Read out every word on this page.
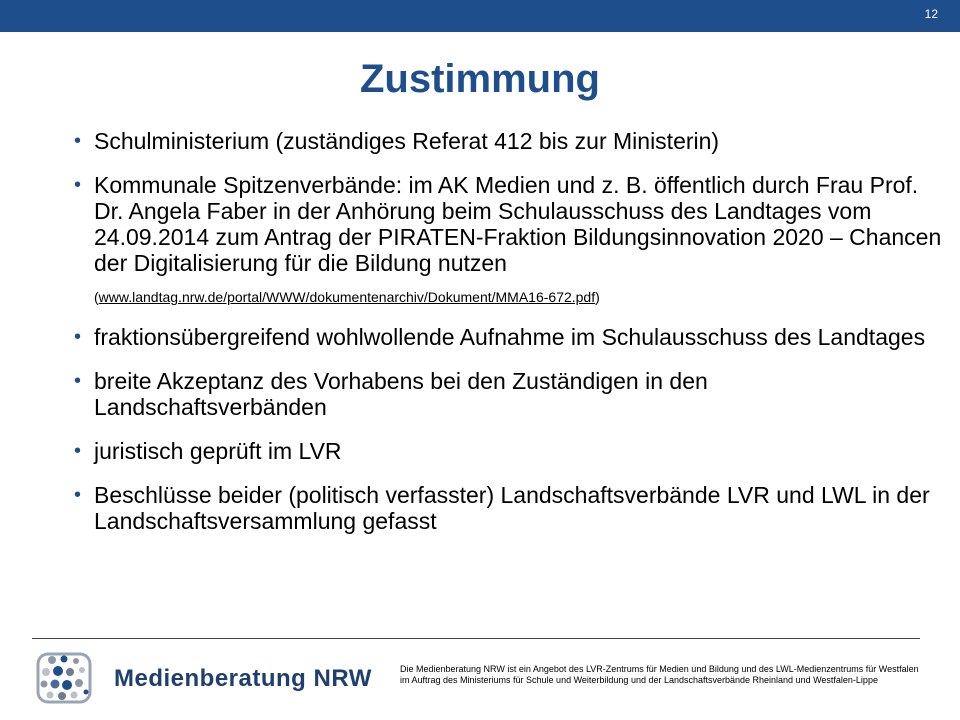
12
Zustimmung
• Schulministerium (zuständiges Referat 412 bis zur Ministerin)
• Kommunale Spitzenverbände: im AK Medien und z. B. öffentlich durch Frau Prof. Dr. Angela Faber in der Anhörung beim Schulausschuss des Landtages vom 24.09.2014 zum Antrag der PIRATEN-Fraktion Bildungsinnovation 2020 – Chancen der Digitalisierung für die Bildung nutzen
(www.landtag.nrw.de/portal/WWW/dokumentenarchiv/Dokument/MMA16-672.pdf)
• fraktionsübergreifend wohlwollende Aufnahme im Schulausschuss des Landtages
• breite Akzeptanz des Vorhabens bei den Zuständigen in den Landschaftsverbänden
• juristisch geprüft im LVR
• Beschlüsse beider (politisch verfasster) Landschaftsverbände LVR und LWL in der Landschaftsversammlung gefasst
Medienberatung NRW	Die Medienberatung NRW ist ein Angebot des LVR-Zentrums für Medien und Bildung und des LWL-Medienzentrums für Westfalen im Auftrag des Ministeriums für Schule und Weiterbildung und der Landschaftsverbände Rheinland und Westfalen-Lippe
